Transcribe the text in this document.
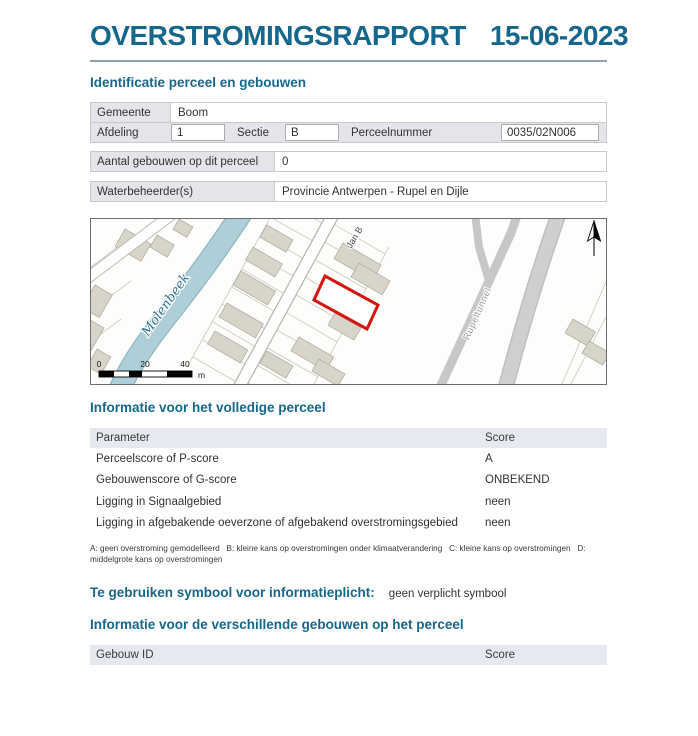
OVERSTROMINGSRAPPORT 15-06-2023
Identificatie perceel en gebouwen
Gemeente	Boom
Afdeling	1	Sectie	B	Perceelnummer	0035/02N006
Aantal gebouwen op dit perceel	0
Waterbeheerder(s)	Provincie Antwerpen - Rupel en Dijle
Molenbeek
Jan B
Rupeltunnel
0	20	40
m
Informatie voor het volledige perceel
Parameter	Score
Perceelscore of P-score	A
Gebouwenscore of G-score	ONBEKEND
Ligging in Signaalgebied	neen
Ligging in afgebakende oeverzone of afgebakend overstromingsgebied	neen
A: geen overstroming gemodelleerd   B: kleine kans op overstromingen onder klimaatverandering   C: kleine kans op overstromingen   D: middelgrote kans op overstromingen
Te gebruiken symbool voor informatieplicht: geen verplicht symbool
Informatie voor de verschillende gebouwen op het perceel
Gebouw ID	Score
